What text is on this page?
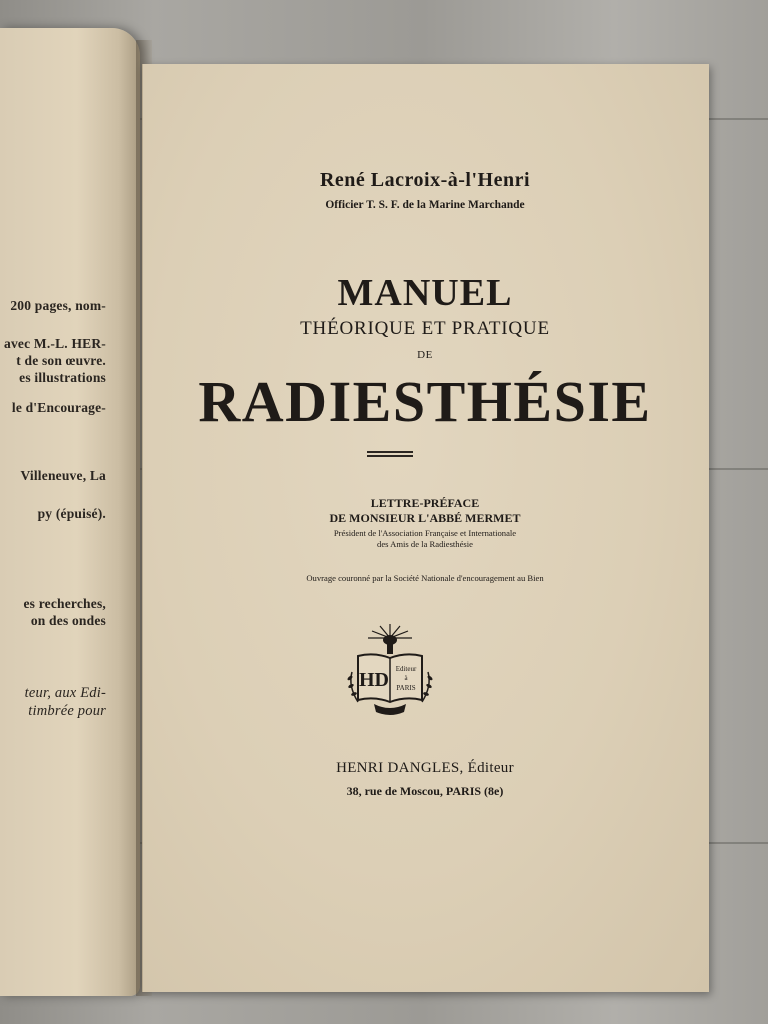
200 pages, nom-
avec M.-L. HER-
t de son œuvre.
es illustrations
le d'Encourage-
Villeneuve, La
py (épuisé).
es recherches,
on des ondes
teur, aux Edi-
timbrée pour
René Lacroix-à-l'Henri
Officier T. S. F. de la Marine Marchande
MANUEL
THÉORIQUE ET PRATIQUE
DE
RADIESTHÉSIE
LETTRE-PRÉFACE
DE MONSIEUR L'ABBÉ MERMET
Président de l'Association Française et Internationale
des Amis de la Radiesthésie
Ouvrage couronné par la Société Nationale d'encouragement au Bien
HD Editeur
à
PARIS
HENRI DANGLES, Éditeur
38, rue de Moscou, PARIS (8e)
